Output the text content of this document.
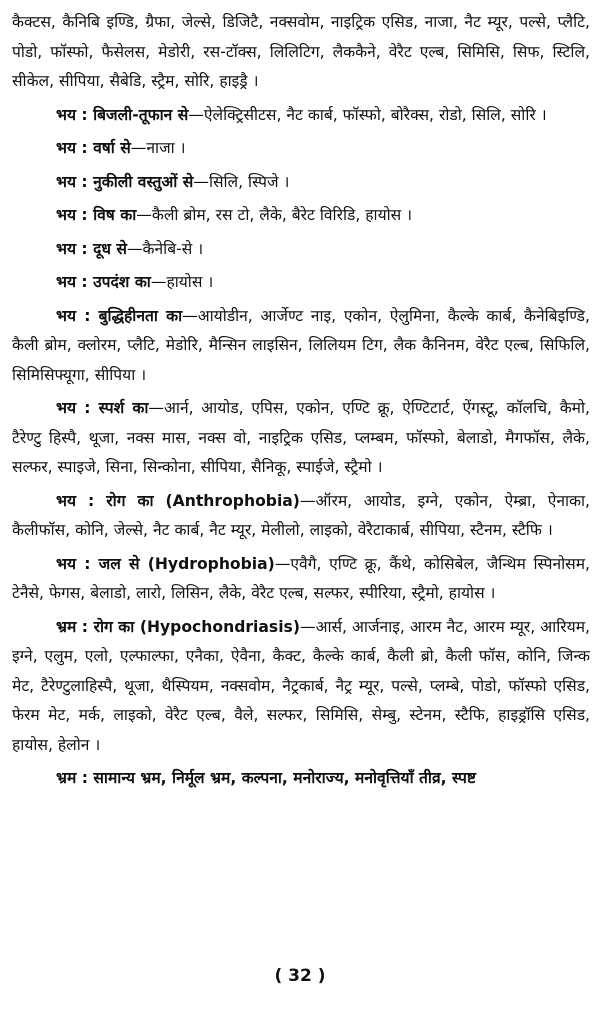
कैक्टस, कैनिबि इण्डि, ग्रैफा, जेल्से, डिजिटै, नक्सवोम, नाइट्रिक एसिड, नाजा, नैट म्यूर, पल्से, प्लैटि, पोडो, फॉस्फो, फैसेलस, मेडोरी, रस-टॉक्स, लिलिटिग, लैककैने, वेरैट एल्ब, सिमिसि, सिफ, स्टिलि, सीकेल, सीपिया, सैबेडि, स्ट्रैम, सोरि, हाइड्रै ।

भय : बिजली-तूफान से—ऐलेक्ट्रिसीटस, नैट कार्ब, फॉस्फो, बोरैक्स, रोडो, सिलि, सोरि ।

भय : वर्षा से—नाजा ।

भय : नुकीली वस्तुओं से—सिलि, स्पिजे ।

भय : विष का—कैली ब्रोम, रस टो, लैके, बैरेट विरिडि, हायोस ।

भय : दूध से—कैनेबि-से ।

भय : उपदंश का—हायोस ।

भय : बुद्धिहीनता का—आयोडीन, आर्जेण्ट नाइ, एकोन, ऐलुमिना, कैल्के कार्ब, कैनेबिइण्डि, कैली ब्रोम, क्लोरम, प्लैटि, मेडोरि, मैन्सिन लाइसिन, लिलियम टिग, लैक कैनिनम, वेरैट एल्ब, सिफिलि, सिमिसिफ्यूगा, सीपिया ।

भय : स्पर्श का—आर्न, आयोड, एपिस, एकोन, एण्टि क्रू, ऐण्टिटार्ट, ऐंगस्टू, कॉलचि, कैमो, टैरेण्टु हिस्पै, थूजा, नक्स मास, नक्स वो, नाइट्रिक एसिड, प्लम्बम, फॉस्फो, बेलाडो, मैगफॉस, लैके, सल्फर, स्पाइजे, सिना, सिन्कोना, सीपिया, सैनिकू, स्पाईजे, स्ट्रैमो ।

भय : रोग का (Anthrophobia)—ऑरम, आयोड, इग्ने, एकोन, ऐम्ब्रा, ऐनाका, कैलीफॉस, कोनि, जेल्से, नैट कार्ब, नैट म्यूर, मेलीलो, लाइको, वेरैटाकार्ब, सीपिया, स्टैनम, स्टैफि ।

भय : जल से (Hydrophobia)—एवैगै, एण्टि क्रू, कैंथे, कोसिबेल, जैन्थिम स्पिनोसम, टेनैसे, फेगस, बेलाडो, लारो, लिसिन, लैके, वेरैट एल्ब, सल्फर, स्पीरिया, स्ट्रैमो, हायोस ।

भ्रम : रोग का (Hypochondriasis)—आर्स, आर्जनाइ, आरम नैट, आरम म्यूर, आरियम, इग्ने, एलुम, एलो, एल्फाल्फा, एनैका, ऐवैना, कैक्ट, कैल्के कार्ब, कैली ब्रो, कैली फॉस, कोनि, जिन्क मेट, टैरेण्टुलाहिस्पै, थूजा, थैस्पियम, नक्सवोम, नैट्रकार्ब, नैट्र म्यूर, पल्से, प्लम्बे, पोडो, फॉस्फो एसिड, फेरम मेट, मर्क, लाइको, वेरैट एल्ब, वैले, सल्फर, सिमिसि, सेम्बु, स्टेनम, स्टैफि, हाइड्रॉसि एसिड, हायोस, हेलोन ।

भ्रम : सामान्य भ्रम, निर्मूल भ्रम, कल्पना, मनोराज्य, मनोवृत्तियाँ तीव्र, स्पष्ट

( 32 )
